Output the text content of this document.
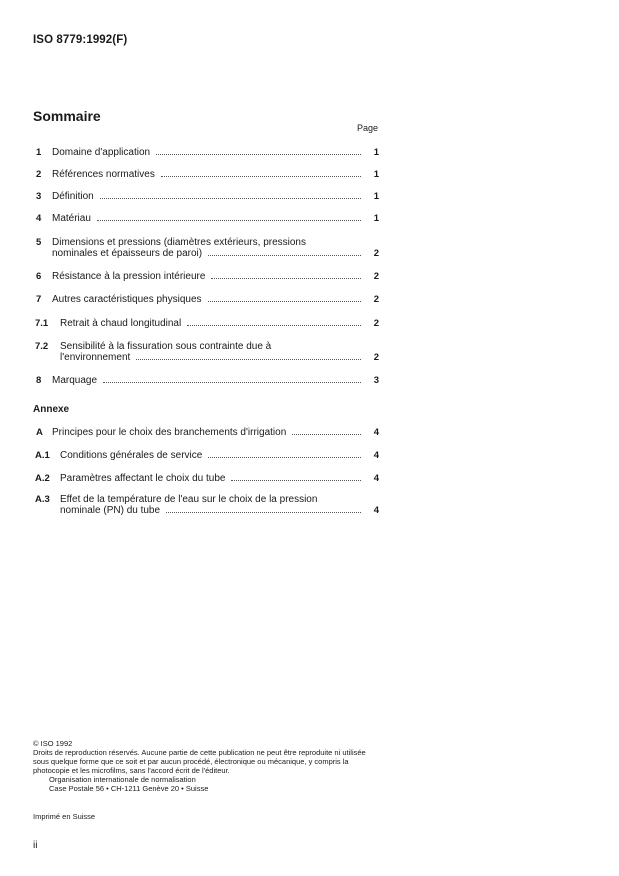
ISO 8779:1992(F)
Sommaire
Page
1 Domaine d'application	1
2 Références normatives	1
3 Définition	1
4 Matériau	1
5 Dimensions et pressions (diamètres extérieurs, pressions
nominales et épaisseurs de paroi)	2
6 Résistance à la pression intérieure	2
7 Autres caractéristiques physiques	2
7.1 Retrait à chaud longitudinal	2
7.2 Sensibilité à la fissuration sous contrainte due à
l'environnement	2
8 Marquage	3
Annexe
A Principes pour le choix des branchements d'irrigation	4
A.1 Conditions générales de service	4
A.2 Paramètres affectant le choix du tube	4
A.3 Effet de la température de l'eau sur le choix de la pression
nominale (PN) du tube	4

© ISO 1992

Droits de reproduction réservés. Aucune partie de cette publication ne peut être reproduite ni utilisée sous quelque forme que ce soit et par aucun procédé, électronique ou mécanique, y compris la photocopie et les microfilms, sans l'accord écrit de l'éditeur.

Organisation internationale de normalisation

Case Postale 56 • CH-1211 Genève 20 • Suisse

Imprimé en Suisse
ii
